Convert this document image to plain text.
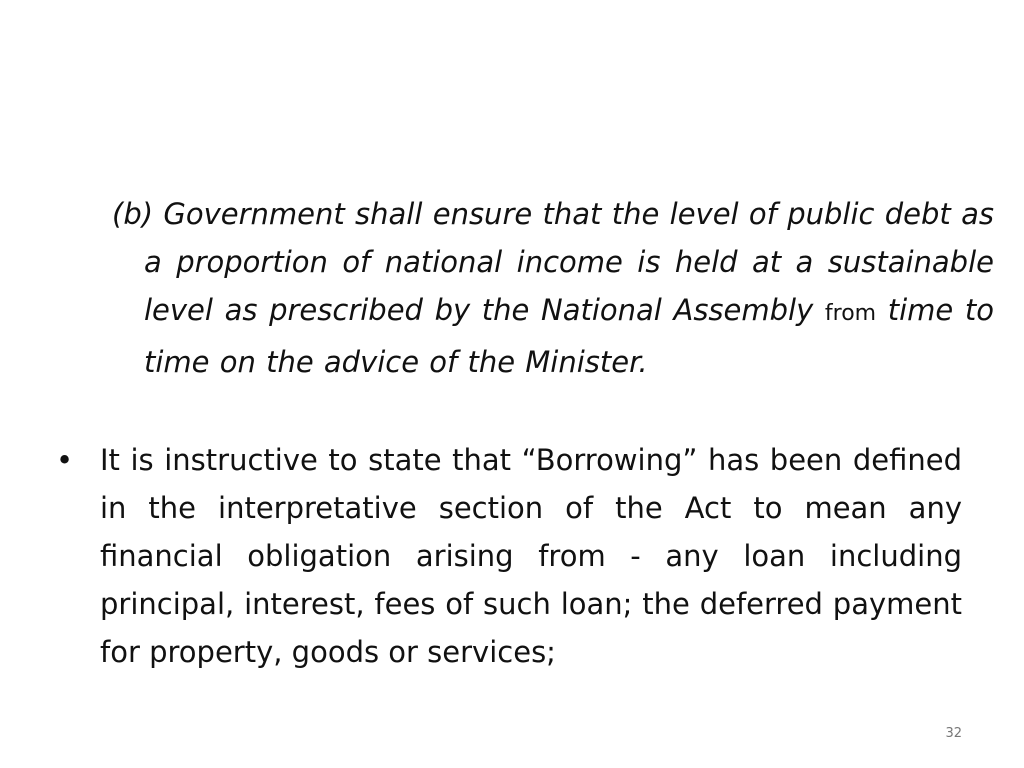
(b) Government shall ensure that the level of public debt as a proportion of national income is held at a sustainable level as prescribed by the National Assembly from time to time on the advice of the Minister.

• It is instructive to state that “Borrowing” has been defined in the interpretative section of the Act to mean any financial obligation arising from - any loan including principal, interest, fees of such loan; the deferred payment for property, goods or services;

32
